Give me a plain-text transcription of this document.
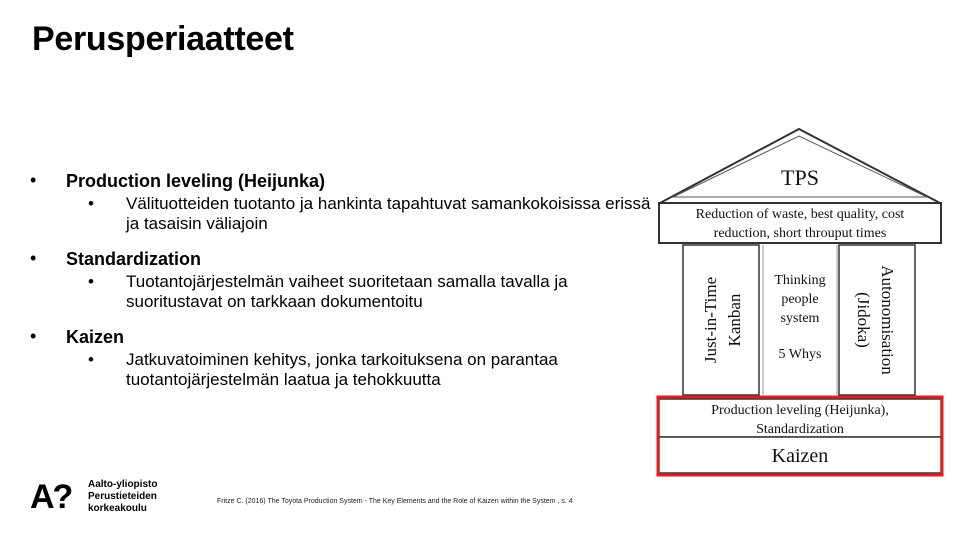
Perusperiaatteet
• Production leveling (Heijunka)
• Välituotteiden tuotanto ja hankinta tapahtuvat samankokoisissa erissä ja tasaisin väliajoin
• Standardization
• Tuotantojärjestelmän vaiheet suoritetaan samalla tavalla ja suoritustavat on tarkkaan dokumentoitu
• Kaizen
• Jatkuvatoiminen kehitys, jonka tarkoituksena on parantaa tuotantojärjestelmän laatua ja tehokkuutta
TPS
Reduction of waste, best quality, cost
reduction, short throuput times
Just-in-Time Kanban
Thinking
people
system
5 Whys	Autonomisation
(Jidoka)
Production leveling (Heijunka),
Standardization
Kaizen
A? Aalto-yliopisto
Perustieteiden
korkeakoulu
Fritze C. (2016) The Toyota Production System - The Key Elements and the Role of Kaizen within the System , s. 4
